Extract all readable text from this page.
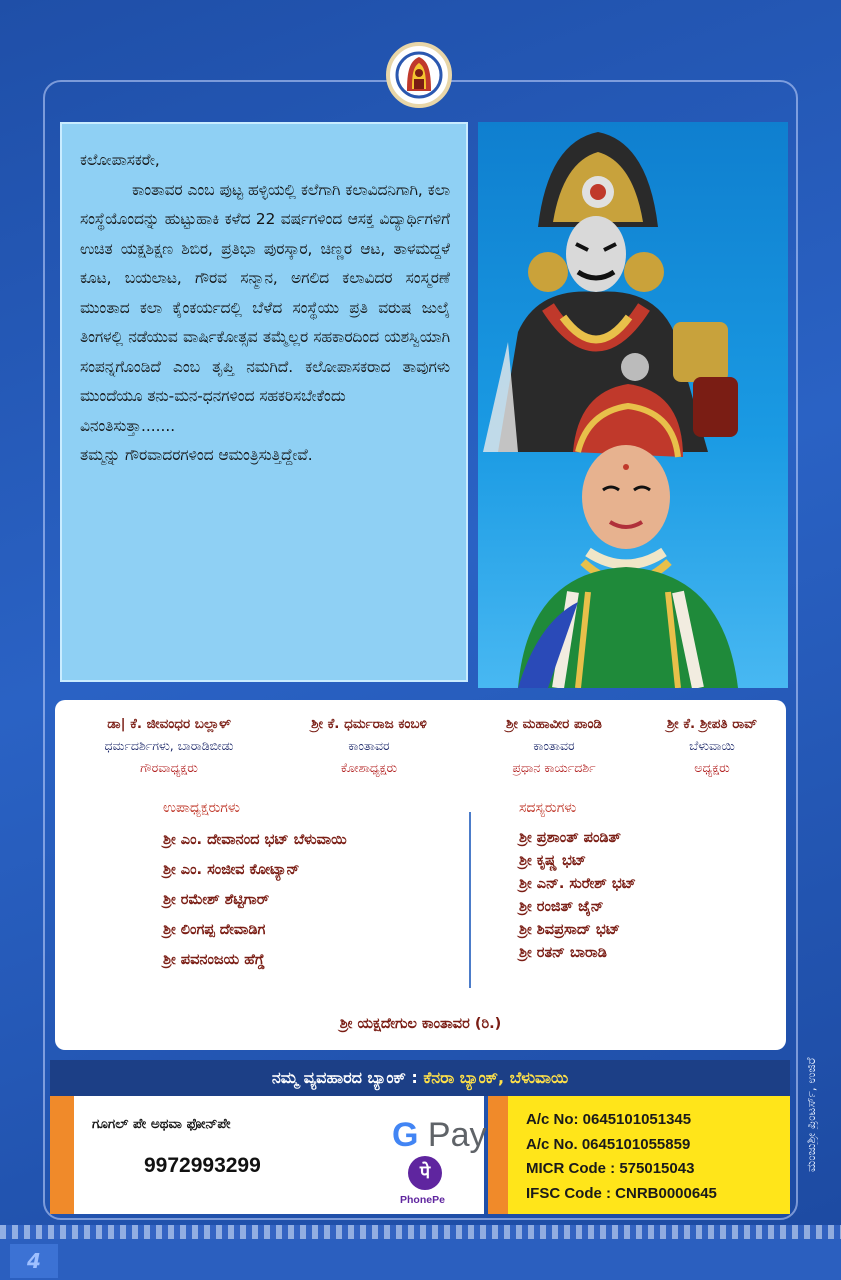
ಕಲೋಪಾಸಕರೇ,

ಕಾಂತಾವರ ಎಂಬ ಪುಟ್ಟ ಹಳ್ಳಿಯಲ್ಲಿ ಕಲೆಗಾಗಿ ಕಲಾವಿದನಿಗಾಗಿ, ಕಲಾ ಸಂಸ್ಥೆಯೊಂದನ್ನು ಹುಟ್ಟುಹಾಕಿ ಕಳೆದ 22 ವರ್ಷಗಳಿಂದ ಆಸಕ್ತ ವಿದ್ಯಾರ್ಥಿಗಳಿಗೆ ಉಚಿತ ಯಕ್ಷಶಿಕ್ಷಣ ಶಿಬಿರ, ಪ್ರತಿಭಾ ಪುರಸ್ಕಾರ, ಚಿಣ್ಣರ ಆಟ, ತಾಳಮದ್ದಳೆ ಕೂಟ, ಬಯಲಾಟ, ಗೌರವ ಸನ್ಮಾನ, ಅಗಲಿದ ಕಲಾವಿದರ ಸಂಸ್ಮರಣೆ ಮುಂತಾದ ಕಲಾ ಕೈಂಕರ್ಯದಲ್ಲಿ ಬೆಳೆದ ಸಂಸ್ಥೆಯು ಪ್ರತಿ ವರುಷ ಜುಲೈ ತಿಂಗಳಲ್ಲಿ ನಡೆಯುವ ವಾರ್ಷಿಕೋತ್ಸವ ತಮ್ಮೆಲ್ಲರ ಸಹಕಾರದಿಂದ ಯಶಸ್ವಿಯಾಗಿ ಸಂಪನ್ನಗೊಂಡಿದೆ ಎಂಬ ತೃಪ್ತಿ ನಮಗಿದೆ. ಕಲೋಪಾಸಕರಾದ ತಾವುಗಳು ಮುಂದೆಯೂ ತನು-ಮನ-ಧನಗಳಿಂದ ಸಹಕರಿಸಬೇಕೆಂದು

ವಿನಂತಿಸುತ್ತಾ.......
ತಮ್ಮನ್ನು ಗೌರವಾದರಗಳಿಂದ ಆಮಂತ್ರಿಸುತ್ತಿದ್ದೇವೆ.
ಡಾ| ಕೆ. ಜೀವಂಧರ ಬಲ್ಲಾಳ್
ಧರ್ಮದರ್ಶಿಗಳು, ಬಾರಾಡಿಬೀಡು
ಗೌರವಾಧ್ಯಕ್ಷರು
ಶ್ರೀ ಕೆ. ಧರ್ಮರಾಜ ಕಂಬಳಿ
ಕಾಂತಾವರ
ಕೋಶಾಧ್ಯಕ್ಷರು
ಶ್ರೀ ಮಹಾವೀರ ಪಾಂಡಿ
ಕಾಂತಾವರ
ಪ್ರಧಾನ ಕಾರ್ಯದರ್ಶಿ
ಶ್ರೀ ಕೆ. ಶ್ರೀಪತಿ ರಾವ್
ಬೆಳುವಾಯಿ
ಅಧ್ಯಕ್ಷರು
ಉಪಾಧ್ಯಕ್ಷರುಗಳು
ಶ್ರೀ ಎಂ. ದೇವಾನಂದ ಭಟ್ ಬೆಳುವಾಯಿ
ಶ್ರೀ ಎಂ. ಸಂಜೀವ ಕೋಟ್ಯಾನ್
ಶ್ರೀ ರಮೇಶ್ ಶೆಟ್ಟಿಗಾರ್
ಶ್ರೀ ಲಿಂಗಪ್ಪ ದೇವಾಡಿಗ
ಶ್ರೀ ಪವನಂಜಯ ಹೆಗ್ಡೆ
ಸದಸ್ಯರುಗಳು
ಶ್ರೀ ಪ್ರಶಾಂತ್ ಪಂಡಿತ್
ಶ್ರೀ ಕೃಷ್ಣ ಭಟ್
ಶ್ರೀ ಎನ್. ಸುರೇಶ್ ಭಟ್
ಶ್ರೀ ರಂಜಿತ್ ಜೈನ್
ಶ್ರೀ ಶಿವಪ್ರಸಾದ್ ಭಟ್
ಶ್ರೀ ರತನ್ ಬಾರಾಡಿ
ಶ್ರೀ ಯಕ್ಷದೇಗುಲ ಕಾಂತಾವರ (ರಿ.)
ನಮ್ಮ ವ್ಯವಹಾರದ ಬ್ಯಾಂಕ್ : ಕೆನರಾ ಬ್ಯಾಂಕ್, ಬೆಳುವಾಯಿ
ಗೂಗಲ್ ಪೇ ಅಥವಾ ಫೋನ್‌ಪೇ
9972993299
G Pay
पे
PhonePe
A/c No: 0645101051345
A/c No. 0645101055859
MICR Code : 575015043
IFSC Code : CNRB0000645
ಮಂಜುಶ್ರೀ ಪ್ರಿಂಟರ್ಸ್, ಉಜಿರೆ
4
